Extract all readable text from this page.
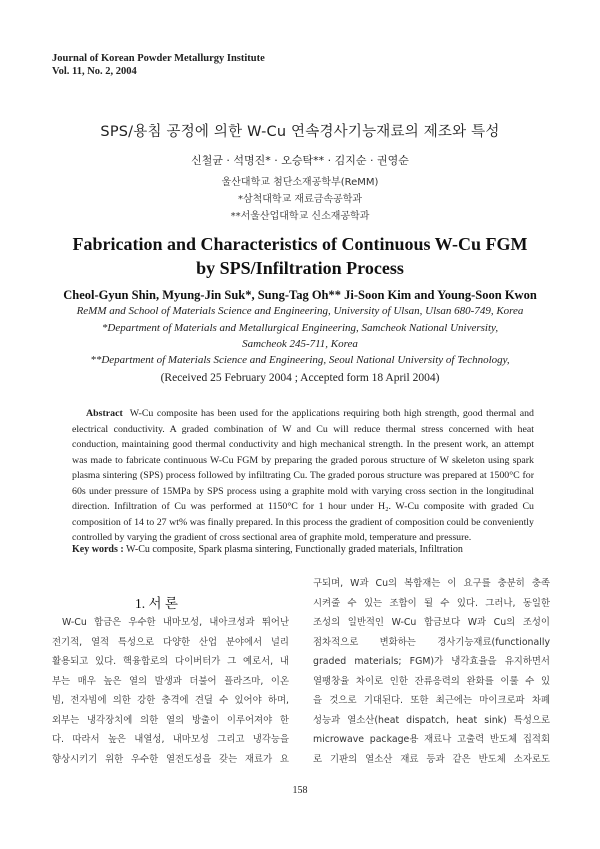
Journal of Korean Powder Metallurgy Institute
Vol. 11, No. 2, 2004
SPS/용침 공정에 의한 W-Cu 연속경사기능재료의 제조와 특성
신철균 · 석명진* · 오승탁** · 김지순 · 권영순
울산대학교 첨단소재공학부(ReMM)
*삼척대학교 재료금속공학과
**서울산업대학교 신소재공학과
Fabrication and Characteristics of Continuous W-Cu FGM
by SPS/Infiltration Process
Cheol-Gyun Shin, Myung-Jin Suk*, Sung-Tag Oh** Ji-Soon Kim and Young-Soon Kwon
ReMM and School of Materials Science and Engineering, University of Ulsan, Ulsan 680-749, Korea
*Department of Materials and Metallurgical Engineering, Samcheok National University,
Samcheok 245-711, Korea
**Department of Materials Science and Engineering, Seoul National University of Technology,
(Received 25 February 2004 ; Accepted form 18 April 2004)
Abstract W-Cu composite has been used for the applications requiring both high strength, good thermal and electrical conductivity. A graded combination of W and Cu will reduce thermal stress concerned with heat conduction, maintaining good thermal conductivity and high mechanical strength. In the present work, an attempt was made to fabricate continuous W-Cu FGM by preparing the graded porous structure of W skeleton using spark plasma sintering (SPS) process followed by infiltrating Cu. The graded porous structure was prepared at 1500°C for 60s under pressure of 15MPa by SPS process using a graphite mold with varying cross section in the longitudinal direction. Infiltration of Cu was performed at 1150°C for 1 hour under H₂. W-Cu composite with graded Cu composition of 14 to 27 wt% was finally prepared. In this process the gradient of composition could be conveniently controlled by varying the gradient of cross sectional area of graphite mold, temperature and pressure.
Key words : W-Cu composite, Spark plasma sintering, Functionally graded materials, Infiltration
1. 서 론
W-Cu 합금은 우수한 내마모성, 내아크성과 뛰어난
전기적, 열적 특성으로 다양한 산업 분야에서 널리
활용되고 있다. 핵융합로의 다이버터가 그 예로서, 내
부는 매우 높은 열의 발생과 더불어 플라즈마, 이온
빔, 전자빔에 의한 강한 충격에 견딜 수 있어야 하며,
외부는 냉각장치에 의한 열의 방출이 이루어져야 한
다. 따라서 높은 내열성, 내마모성 그리고 냉각능을
향상시키기 위한 우수한 열전도성을 갖는 재료가 요
구되며, W과 Cu의 복합재는 이 요구를 충분히 충족
시켜줄 수 있는 조합이 될 수 있다. 그러나, 동일한
조성의 일반적인 W-Cu 합금보다 W과 Cu의 조성이
점차적으로 변화하는 경사기능재료(functionally
graded materials; FGM)가 냉각효율을 유지하면서
열팽창율 차이로 인한 잔류응력의 완화를 이룰 수 있
을 것으로 기대된다. 또한 최근에는 마이크로파 차폐
성능과 열소산(heat dispatch, heat sink) 특성으로
microwave package용 재료나 고출력 반도체 집적회
로 기판의 열소산 재료 등과 같은 반도체 소자로도
158
